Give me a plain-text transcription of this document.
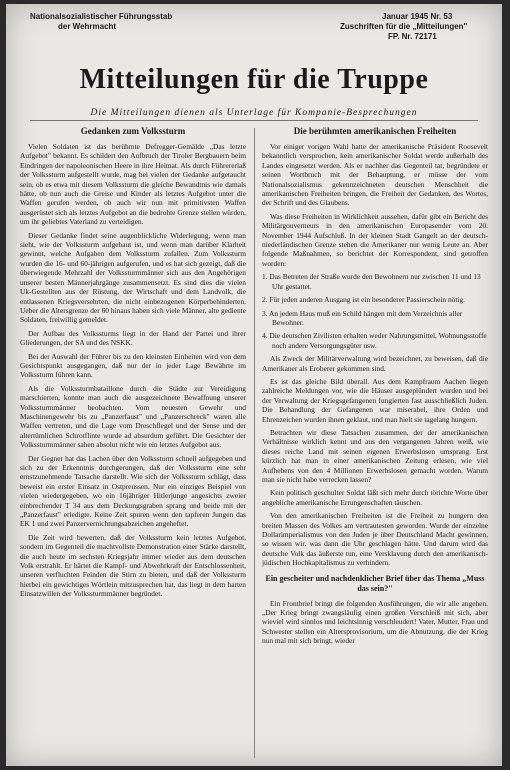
Nationalsozialistischer Führungsstab
der Wehrmacht
Januar 1945 Nr. 53
Zuschriften für die „Mitteilungen"
FP. Nr. 72171
Mitteilungen für die Truppe
Die Mitteilungen dienen als Unterlage für Kompanie-Besprechungen
Gedanken zum Volkssturm

Vielen Soldaten ist das berühmte Defregger-Gemälde „Das letzte Aufgebot" bekannt. Es schildert den Aufbruch der Tiroler Bergbauern beim Eindringen der napoleonischen Heere in ihre Heimat. Als durch Führererlaß der Volkssturm aufgestellt wurde, mag bei vielen der Gedanke aufgetaucht sein, ob es etwa mit diesem Volkssturm die gleiche Bewandtnis wie damals hätte, ob nun auch die Greise und Kinder als letztes Aufgebot unter die Waffen gerufen werden, ob auch wir nun mit primitivsten Waffen ausgerüstet sich als letztes Aufgebot an die bedrohte Grenze stellen würden, um ihr geliebtes Vaterland zu verteidigen.

Dieser Gedanke findet seine augenblickliche Widerlegung, wenn man sieht, wie der Volkssturm aufgebaut ist, und wenn man darüber Klarheit gewinnt, welche Aufgaben dem Volkssturm zufallen. Zum Volkssturm wurden die 16- und 60-jährigen aufgerufen, und es hat sich gezeigt, daß die überwiegende Mehrzahl der Volkssturmmänner sich aus den Angehörigen unserer besten Männerjahrgänge zusammensetzt. Es sind dies die vielen Uk-Gestellten aus der Rüstung, der Wirtschaft und dem Landvolk, die entlassenen Kriegsversehrten, die nicht einbezogenen Körperbehinderten. Ueber die Altersgrenze der 60 hinaus haben sich viele Männer, alte gediente Soldaten, freiwillig gemeldet.

Der Aufbau des Volkssturms liegt in der Hand der Partei und ihrer Gliederungen, der SA und des NSKK.

Bei der Auswahl der Führer bis zu den kleinsten Einheiten wird von dem Gesichtspunkt ausgegangen, daß nur der in jeder Lage Bewährte im Volkssturm führen kann.

Als die Volkssturmbataillone durch die Städte zur Vereidigung marschierten, konnte man auch die ausgezeichnete Bewaffnung unserer Volkssturmmänner beobachten. Vom neuesten Gewehr und Maschinengewehr bis zu „Panzerfaust" und „Panzerschreck" waren alle Waffen vertreten, und die Lage vom Dreschflegel und der Sense und der altertümlichen Schrotflinte wurde ad absurdum geführt. Die Gesichter der Volkssturmmänner sahen absolut nicht wie ein letztes Aufgebot aus.

Der Gegner hat das Lachen über den Volkssturm schnell aufgegeben und sich zu der Erkenntnis durchgerungen, daß der Volkssturm eine sehr ernstzunehmende Tatsache darstellt. Wie sich der Volkssturm schlägt, dass beweist ein erster Einsatz in Ostpreussen. Nur ein einziges Beispiel von vielen wiedergegeben, wo ein 16jähriger Hitlerjunge angesichts zweier einbrechender T 34 aus dem Deckungsgraben sprang und beide mit der „Panzerfaust" erledigte. Keine Zeit spuren wenn den tapferen Jungen das EK 1 und zwei Panzervernichtungsabzeichen angeheftet.

Die Zeit wird bewerten, daß der Volkssturm kein letztes Aufgebot, sondern im Gegenteil die machtvollste Demonstration einer Stärke darstellt, die auch heute im sechsten Kriegsjahr immer wieder aus dem deutschen Volk erstrahlt. Er härtet die Kampf- und Abwehrkraft der Entschlossenheit, unseren verfluchten Feinden die Stirn zu bieten, und daß der Volkssturm hierbei ein gewichtiges Wörtlein mitzusprechen hat, das liegt in dem harten Einsatzwillen der Volkssturmmänner begründet.

Die berühmten amerikanischen Freiheiten

Vor einiger vorigen Wahl hatte der amerikanische Präsident Roosevelt bekanntlich versprochen, kein amerikanischer Soldat werde außerhalb des Landes eingesetzt werden. Als er nachher das Gegenteil tat, begründete er seinen Wortbruch mit der Behauptung, er müsse der vom Nationalsozialismus gekennzeichneten deutschen Menschheit die amerikanischen Freiheiten bringen, die Freiheit der Gedanken, des Wortes, der Schrift und des Glaubens.

Was diese Freiheiten in Wirklichkeit aussehen, dafür gibt ein Bericht des Militärgouverneurs in den amerikanischen Europasender vom 20. November 1944 Aufschluß. In der kleinen Stadt Gangelt an der deutsch-niederländischen Grenze stehen die Amerikaner nur wenig Leute an. Aber folgende Maßnahmen, so berichtet der Korrespondent, sind getroffen worden:

1. Das Betreten der Straße wurde den Bewohnern nur zwischen 11 und 13 Uhr gestattet.
2. Für jeden anderen Ausgang ist ein besonderer Passierschein nötig.
3. An jedem Haus muß ein Schild hängen mit dem Verzeichnis aller Bewohner.
4. Die deutschen Zivilisten erhalten weder Nahrungsmittel, Wohnungsstoffe noch andere Versorgungsgüter usw.

Als Zweck der Militärverwaltung wird bezeichnet, zu beweisen, daß die Amerikaner als Eroberer gekommen sind.

Es ist das gleiche Bild überall. Aus dem Kampfraum Aachen liegen zahlreiche Meldungen vor, wie die Häuser ausgeplündert wurden und bei der Verwaltung der Kriegsgefangenen fungierten fast ausschließlich Juden. Die Behandlung der Gefangenen war miserabel, ihre Orden und Ehrenzeichen wurden ihnen geklaut, und man hielt sie tagelang hungern.

Betrachten wir diese Tatsachen zusammen, der der amerikanischen Verhältnisse wirklich kennt und aus den vergangenen Jahren weiß, wie dieses reiche Land mit seinen eigenen Erwerbslosen umsprang. Erst kürzlich hat man in einer amerikanischen Zeitung erlesen, wie viel Aufhebens von den 4 Millionen Erwerbslosen gemacht worden. Warum man sie nicht habe verrecken lassen?

Kein politisch geschulter Soldat läßt sich mehr durch törichte Worte über angebliche amerikanische Errungenschaften täuschen.

Von den amerikanischen Freiheiten ist die Freiheit zu hungern den breiten Massen des Volkes am vertrautesten geworden. Wurde der einzelne Dollarimperialismus von den Juden je über Deutschland Macht gewinnen, so wissen wir, was dann die Uhr geschlagen hätte. Und darum wird das deutsche Volk das äußerste tun, eine Versklavung durch den amerikanisch-jüdischen Hochkapitalismus zu verhindern.

Ein gescheiter und nachdenklicher Brief über das Thema „Muss das sein?"

Ein Frontbrief bringt die folgenden Ausführungen, die wir alle angehen. „Der Krieg bringt zwangsläufig einen großen Verschleiß mit sich, aber wieviel wird sinnlos und leichtsinnig verschleudert! Vater, Mutter, Frau und Schwester stellen ein Altersprovisorium, um die Abnutzung, die der Krieg nun mal mit sich bringt, wieder
